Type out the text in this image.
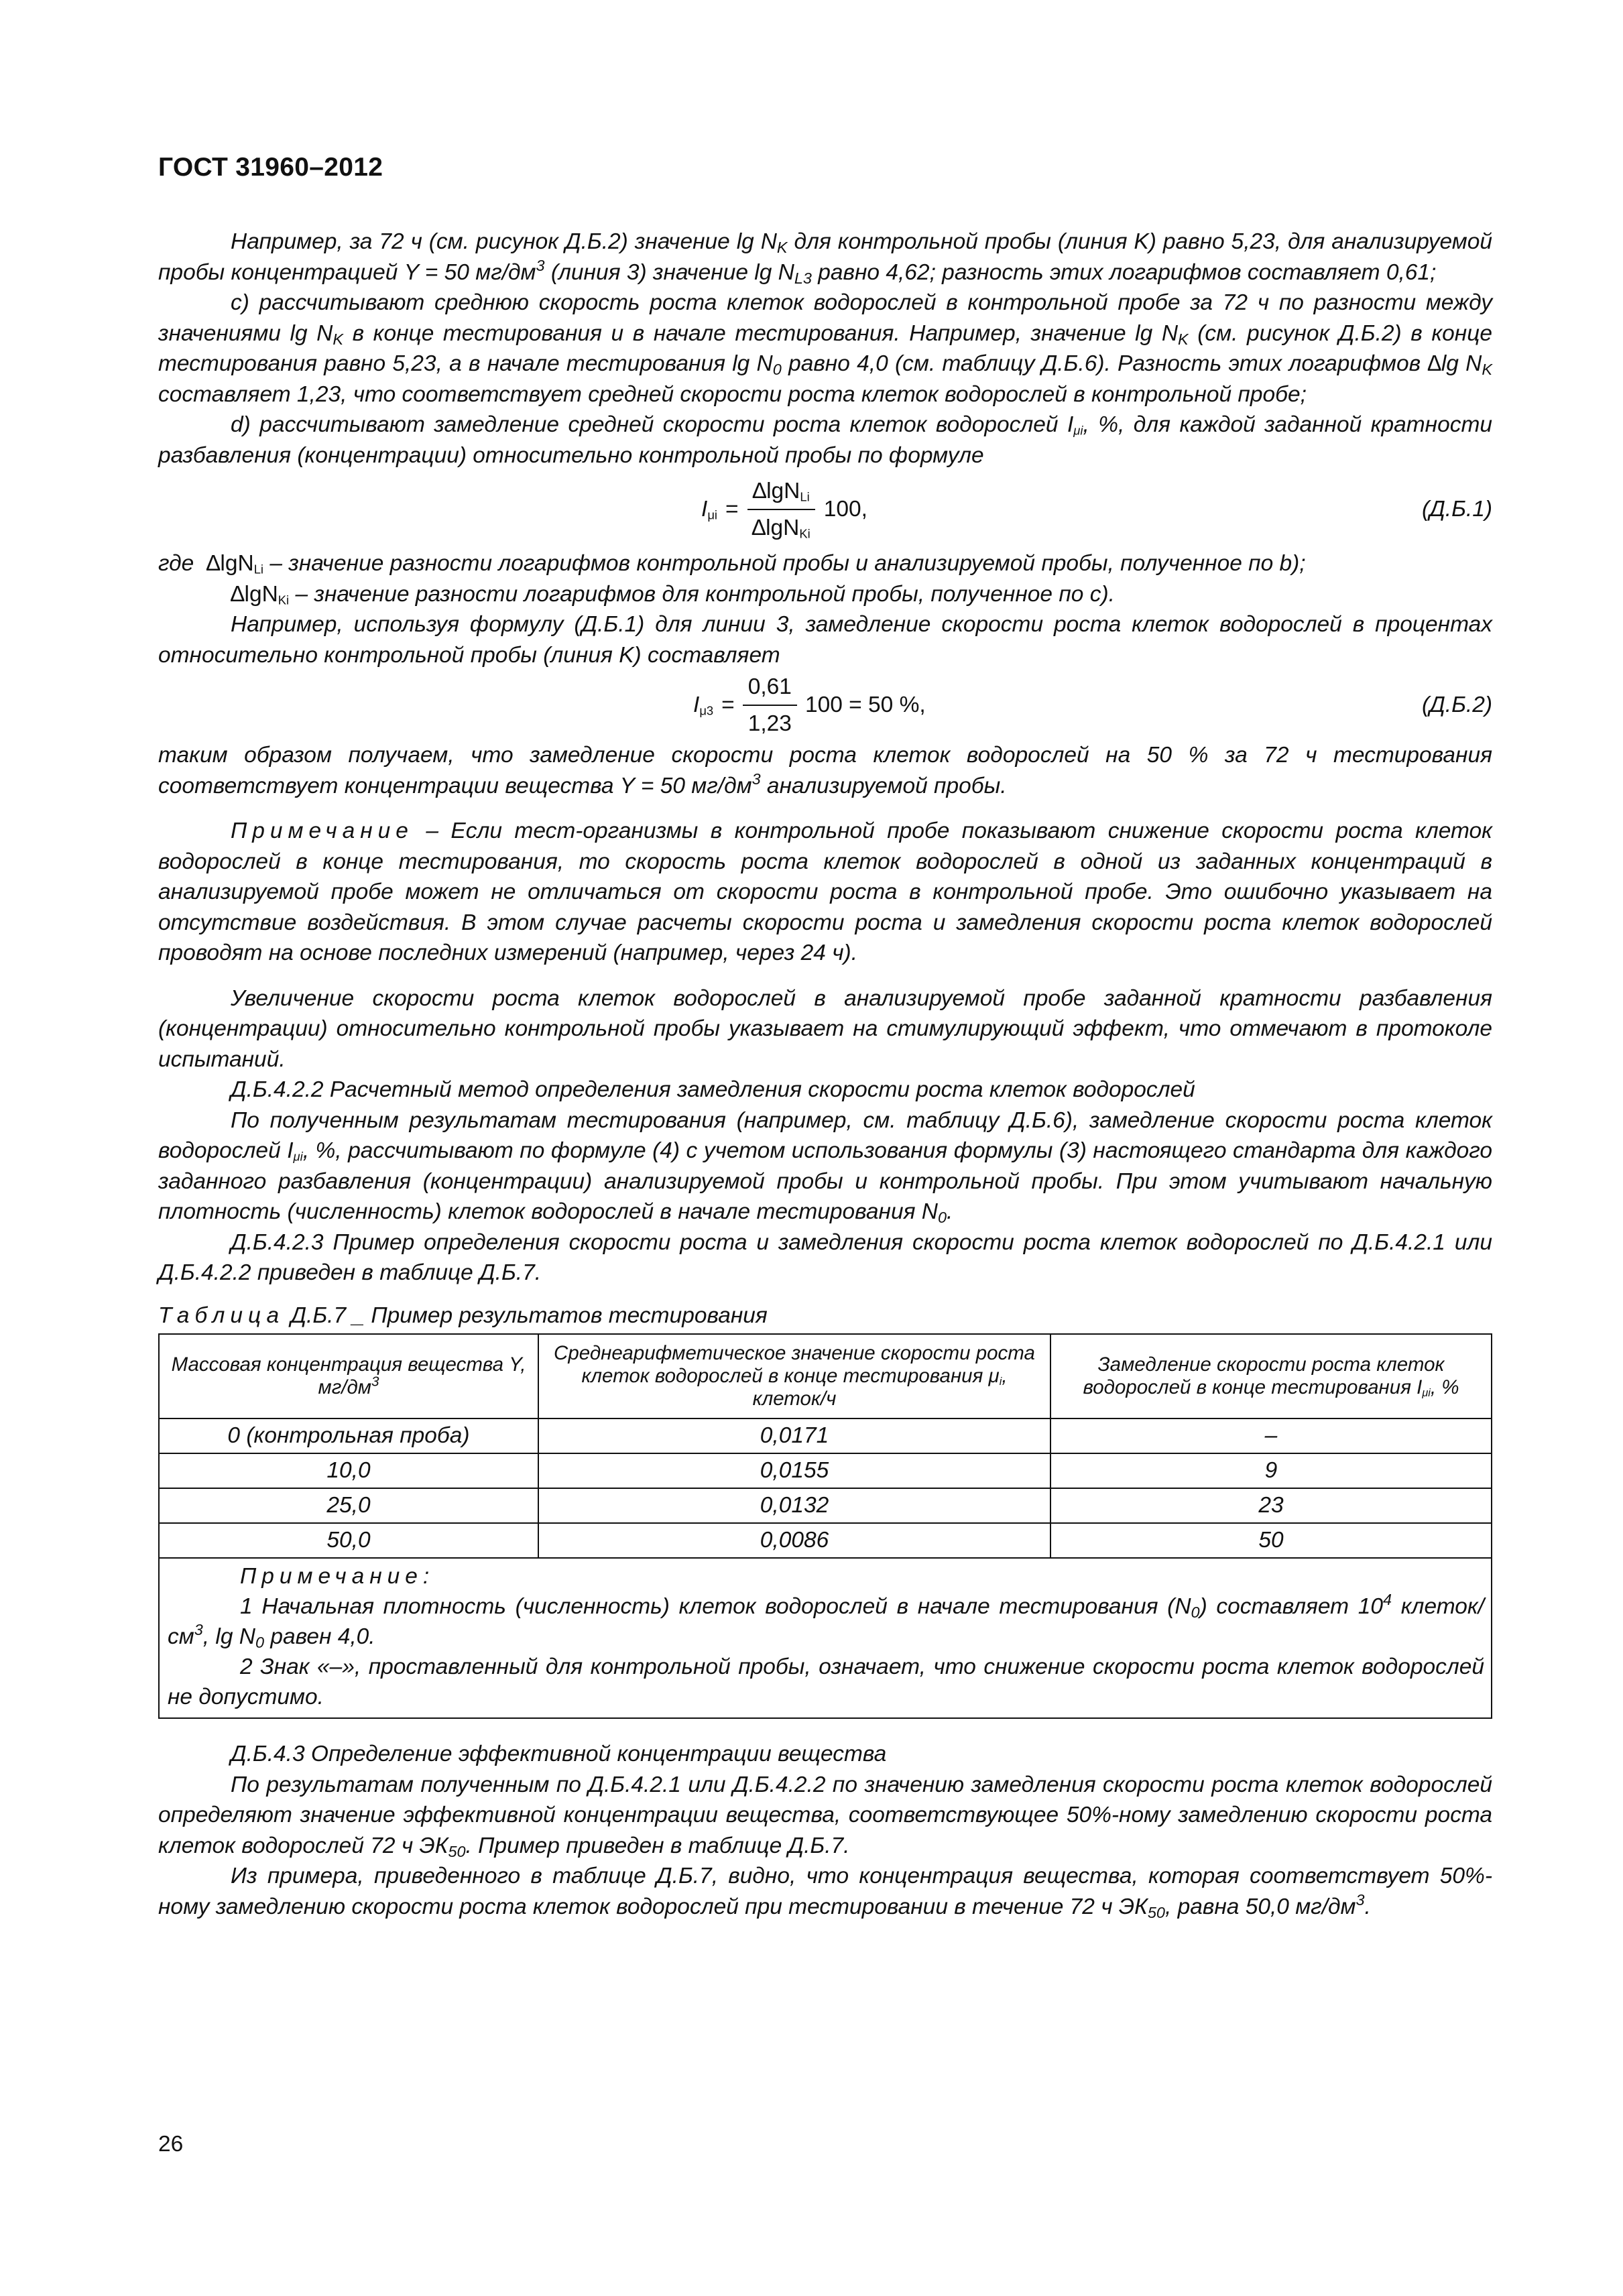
ГОСТ 31960–2012

Например, за 72 ч (см. рисунок Д.Б.2) значение $\lg N_K$ для контрольной пробы (линия K) равно 5,23, для анализируемой пробы концентрацией Y = 50 $мг/дм^3$ (линия 3) значение $\lg N_{L3}$ равно 4,62; разность этих логарифмов составляет 0,61;

c) рассчитывают среднюю скорость роста клеток водорослей в контрольной пробе за 72 ч по разности между значениями $\lg N_K$ в конце тестирования и в начале тестирования. Например, значение $\lg N_K$ (см. рисунок Д.Б.2) в конце тестирования равно 5,23, а в начале тестирования $\lg N_0$ равно 4,0 (см. таблицу Д.Б.6). Разность этих логарифмов ∆lg $N_K$ составляет 1,23, что соответствует средней скорости роста клеток водорослей в контрольной пробе;

d) рассчитывают замедление средней скорости роста клеток водорослей $I_{\mu i}$, %, для каждой заданной кратности разбавления (концентрации) относительно контрольной пробы по формуле

$I_{\mu i} = \frac{\Delta\lg N_{Li}}{\Delta\lg N_{Ki}} 100$,	(Д.Б.1)

где ∆lgN$_{Li}$ – значение разности логарифмов контрольной пробы и анализируемой пробы, полученное по b);

∆lgN$_{Ki}$ – значение разности логарифмов для контрольной пробы, полученное по c).

Например, используя формулу (Д.Б.1) для линии 3, замедление скорости роста клеток водорослей в процентах относительно контрольной пробы (линия K) составляет

$I_{\mu 3} = \frac{0,61}{1,23} 100 = 50$ %,	(Д.Б.2)

таким образом получаем, что замедление скорости роста клеток водорослей на 50 % за 72 ч тестирования соответствует концентрации вещества Y = 50 $мг/дм^3$ анализируемой пробы.

Примечание – Если тест-организмы в контрольной пробе показывают снижение скорости роста клеток водорослей в конце тестирования, то скорость роста клеток водорослей в одной из заданных концентраций в анализируемой пробе может не отличаться от скорости роста в контрольной пробе. Это ошибочно указывает на отсутствие воздействия. В этом случае расчеты скорости роста и замедления скорости роста клеток водорослей проводят на основе последних измерений (например, через 24 ч).

Увеличение скорости роста клеток водорослей в анализируемой пробе заданной кратности разбавления (концентрации) относительно контрольной пробы указывает на стимулирующий эффект, что отмечают в протоколе испытаний.

Д.Б.4.2.2 Расчетный метод определения замедления скорости роста клеток водорослей

По полученным результатам тестирования (например, см. таблицу Д.Б.6), замедление скорости роста клеток водорослей $I_{\mu i}$, %, рассчитывают по формуле (4) с учетом использования формулы (3) настоящего стандарта для каждого заданного разбавления (концентрации) анализируемой пробы и контрольной пробы. При этом учитывают начальную плотность (численность) клеток водорослей в начале тестирования $N_0$.

Д.Б.4.2.3 Пример определения скорости роста и замедления скорости роста клеток водорослей по Д.Б.4.2.1 или Д.Б.4.2.2 приведен в таблице Д.Б.7.

Таблица Д.Б.7 _ Пример результатов тестирования

Массовая концентрация вещества Y, $мг/дм^3$	Среднеарифметическое значение скорости роста клеток водорослей в конце тестирования $\mu_i$, клеток/ч	Замедление скорости роста клеток водорослей в конце тестирования $I_{\mu i}$, %
0 (контрольная проба)	0,0171	–
10,0	0,0155	9
25,0	0,0132	23
50,0	0,0086	50

Примечание:
1 Начальная плотность (численность) клеток водорослей в начале тестирования $(N_0)$ составляет $10^4$ клеток/$см^3$, $\lg N_0$ равен 4,0.
2 Знак «–», проставленный для контрольной пробы, означает, что снижение скорости роста клеток водорослей не допустимо.		

Д.Б.4.3 Определение эффективной концентрации вещества

По результатам полученным по Д.Б.4.2.1 или Д.Б.4.2.2 по значению замедления скорости роста клеток водорослей определяют значение эффективной концентрации вещества, соответствующее 50%-ному замедлению скорости роста клеток водорослей 72 ч $ЭК_{50}$. Пример приведен в таблице Д.Б.7.

Из примера, приведенного в таблице Д.Б.7, видно, что концентрация вещества, которая соответствует 50%-ному замедлению скорости роста клеток водорослей при тестировании в течение 72 ч $ЭК_{50}$, равна 50,0 $мг/дм^3$.

26
